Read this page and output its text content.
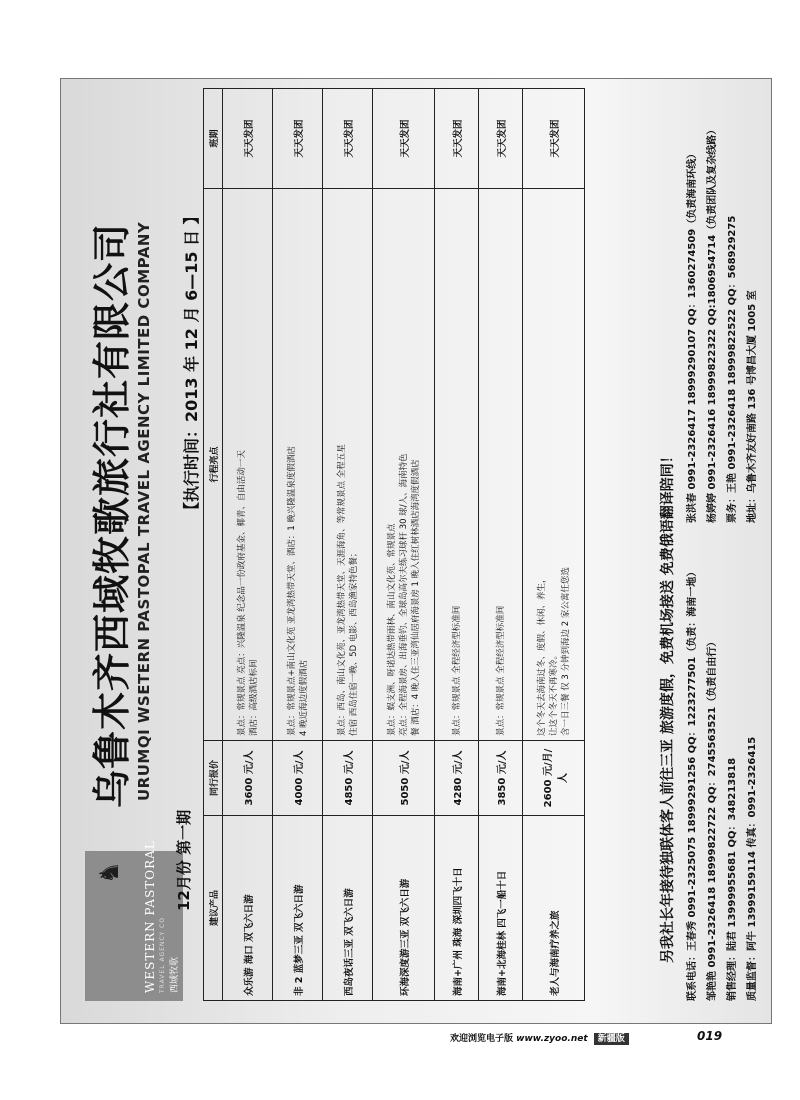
♞ WESTERN PASTORAL TRAVEL AGENCY CO 西域牧歌
乌鲁木齐西域牧歌旅行社有限公司 URUMQI WSETERN PASTOPAL TRAVEL AGENCY LIMITED COMPANY
12月份 第一期
【执行时间：2013 年 12 月 6—15 日 】
建议产品	同行报价	行程亮点	班期
众乐游 海口 双飞六日游	3600 元/人	景点：常规景点 亮点：兴隆温泉 纪念品一份政府基金、椰青、自由活动一天 酒店：高级酒店标间	天天发团
非 2 蓝梦三亚 双飞六日游	4000 元/人	景点：常规景点+南山文化苑 亚龙湾热带天堂、酒店：1 晚兴隆温泉度假酒店 4 晚近海边度假酒店	天天发团
西岛夜话三亚 双飞六日游	4850 元/人	景点：西岛、南山文化苑、亚龙湾热带天堂、天涯海角、等常规景点 全程五星 住宿 西岛住宿一晚、5D 电影、西岛渔家特色餐；	天天发团
环海深度游三亚 双飞六日游	5050 元/人	景点：蜈支洲、呀诺达热带雨林、南山文化苑、常规景点 亮点：全程海景房、出海垂钓、全球岛高尔夫练习球杆 30 球/人、海南特色 餐 酒店：4 晚入住三亚湾仙居府海景房 1 晚入住红树林酒店海湾度假酒店	天天发团
海南+广州 珠海 深圳四飞十日	4280 元/人	景点：常规景点 全程经济型标准间	天天发团
海南+北海桂林 四飞一船十日	3850 元/人	景点：常规景点 全程经济型标准间	天天发团
老人与海南疗养之旅	2600 元/月/人	这个冬天去海南过冬、度假、休闲、养生， 让这个冬天不再寒冷。 含一日三餐 仅 3 分钟到海边 2 家公寓任您选	天天发团
另我社长年接待独联体客人前往三亚 旅游度假，免费机场接送 免费俄语翻译陪同！	联系电话：王春秀 0991-2325075 18999291256 QQ：1223277501（负责：海南一地） 邹艳艳 0991-2326418 18999822722 QQ：2745563521（负责自由行） 销售经理：陆君 13999955681 QQ：348213818 质量监督：阿牛 13999159114 传真：0991-2326415
张洪春 0991-2326417 18999290107 QQ：1360274509（负责海南环线） 杨婷婷 0991-2326416 18999822322 QQ:1806954714（负责团队及复杂线路） 票务：王艳 0991-2326418 18999822522 QQ：568929275 地址：乌鲁木齐友好南路 136 号博昌大厦 1005 室
欢迎浏览电子版 www.zyoo.net 新疆版	019
